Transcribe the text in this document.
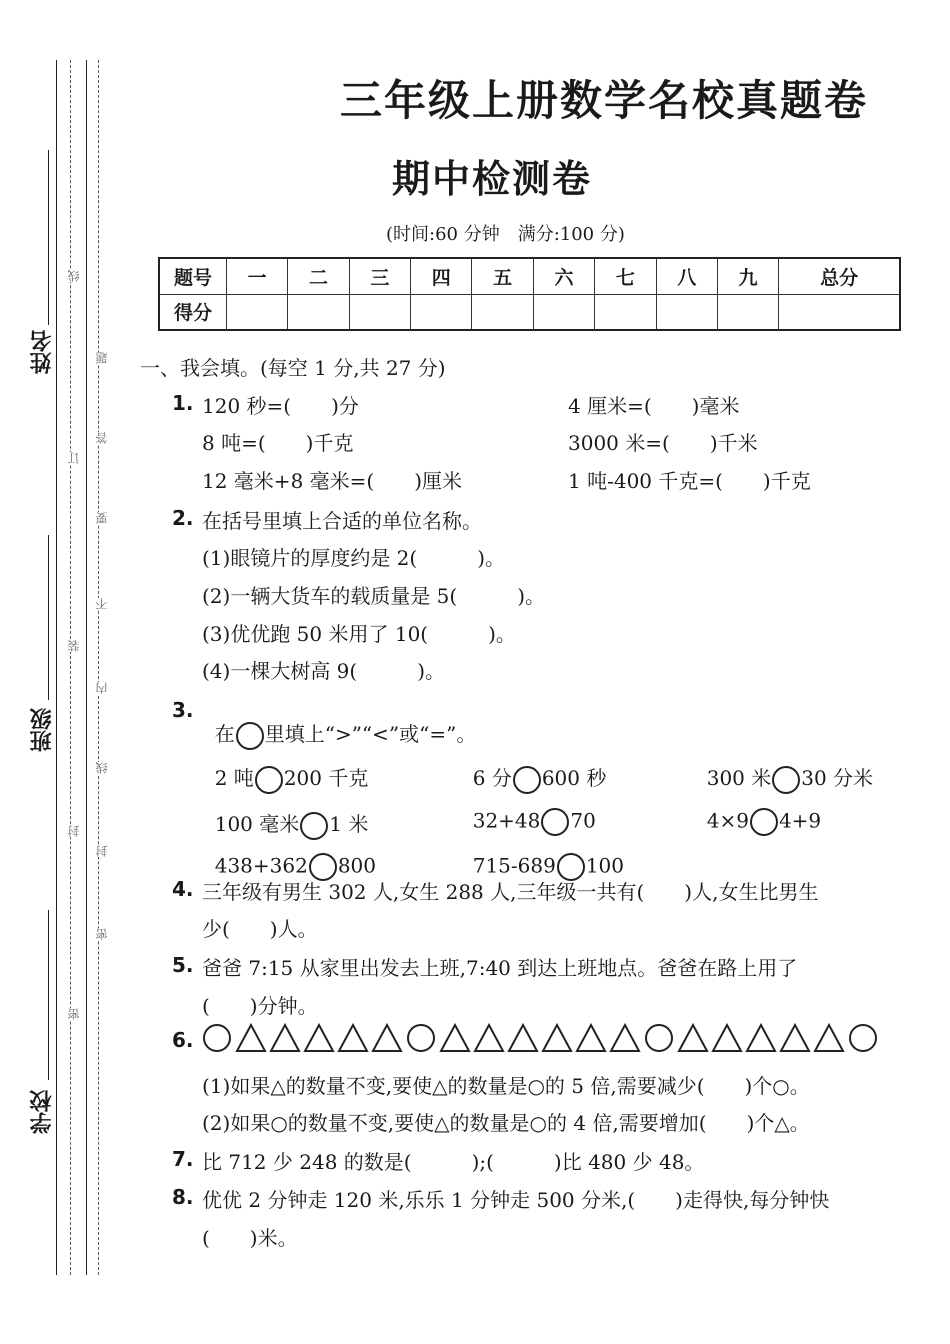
姓名
班级
学校
线
订
装
封
密
题
答
要
不
内
线
封
密
三年级上册数学名校真题卷
期中检测卷
(时间:60 分钟　满分:100 分)
题号	一	二	三	四	五	六	七	八	九	总分
得分										
一、我会填。(每空 1 分,共 27 分)
1. 120 秒=(　　)分	4 厘米=(　　)毫米
8 吨=(　　)千克	3000 米=(　　)千米
12 毫米+8 毫米=(　　)厘米	1 吨-400 千克=(　　)千克
2. 在括号里填上合适的单位名称。
(1)眼镜片的厚度约是 2(　　　)。
(2)一辆大货车的载质量是 5(　　　)。
(3)优优跑 50 米用了 10(　　　)。
(4)一棵大树高 9(　　　)。
3.

在 里填上“>”“<”或“=”。

2 吨 200 千克	6 分 600 秒	300 米 30 分米

100 毫米 1 米	32+48 70	4×9 4+9

438+362 800	715-689 100

4. 三年级有男生 302 人,女生 288 人,三年级一共有(　　)人,女生比男生
少(　　)人。
5. 爸爸 7:15 从家里出发去上班,7:40 到达上班地点。爸爸在路上用了
(　　)分钟。
6.
(1)如果△的数量不变,要使△的数量是○的 5 倍,需要减少(　　)个○。
(2)如果○的数量不变,要使△的数量是○的 4 倍,需要增加(　　)个△。
7. 比 712 少 248 的数是(　　　);(　　　)比 480 少 48。
8. 优优 2 分钟走 120 米,乐乐 1 分钟走 500 分米,(　　)走得快,每分钟快
(　　)米。
